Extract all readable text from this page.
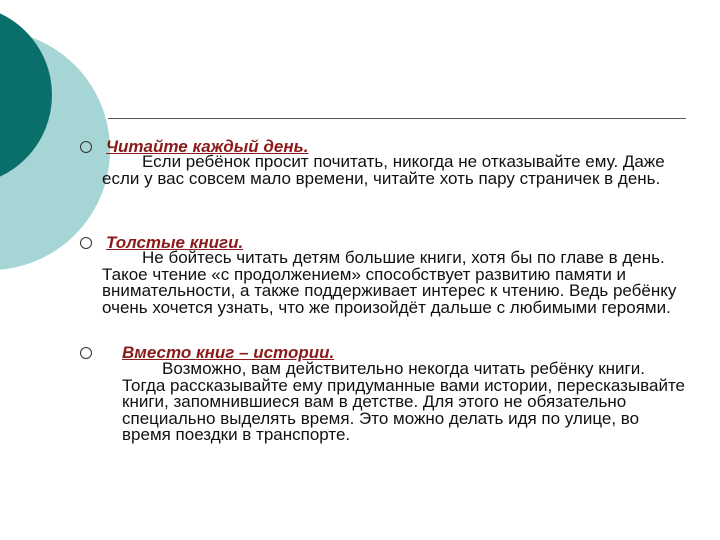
Читайте каждый день.
Если ребёнок просит почитать, никогда не отказывайте ему. Даже если у вас совсем мало времени, читайте хоть пару страничек в день.
Толстые книги.
Не бойтесь читать детям большие книги, хотя бы по главе в день. Такое чтение «с продолжением» способствует развитию памяти и внимательности, а также поддерживает интерес к чтению. Ведь ребёнку очень хочется узнать, что же произойдёт дальше с любимыми героями.
Вместо книг – истории.
Возможно, вам действительно некогда читать ребёнку книги. Тогда рассказывайте ему придуманные вами истории, пересказывайте книги, запомнившиеся вам в детстве. Для этого не обязательно специально выделять время. Это можно делать идя по улице, во время поездки в транспорте.
